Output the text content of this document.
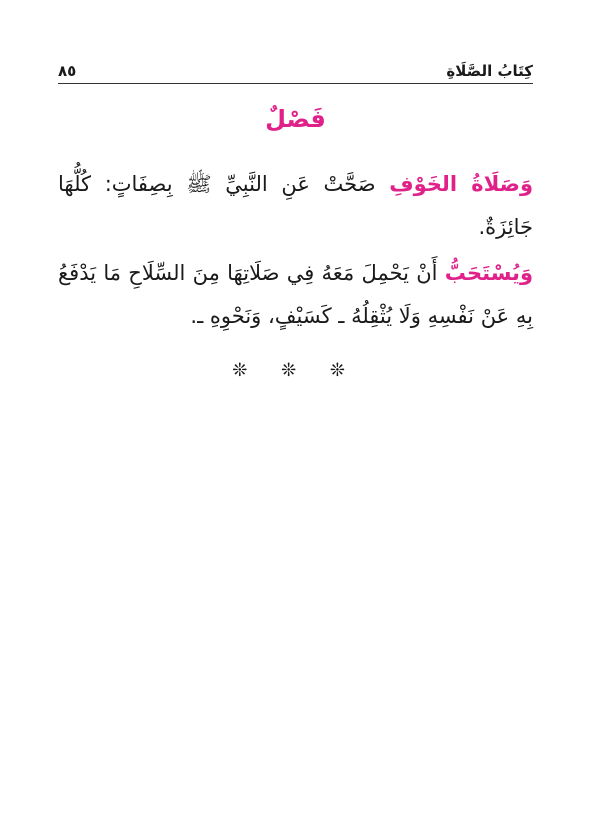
كِتَابُ الصَّلَاةِ
٨٥
فَصْلٌ

وَصَلَاةُ الخَوْفِ صَحَّتْ عَنِ النَّبِيِّ ﷺ بِصِفَاتٍ: كُلُّهَا جَائِزَةٌ.

وَيُسْتَحَبُّ أَنْ يَحْمِلَ مَعَهُ فِي صَلَاتِهَا مِنَ السِّلَاحِ مَا يَدْفَعُ بِهِ عَنْ نَفْسِهِ وَلَا يُثْقِلُهُ ـ كَسَيْفٍ، وَنَحْوِهِ ـ.

❊ ❊ ❊
